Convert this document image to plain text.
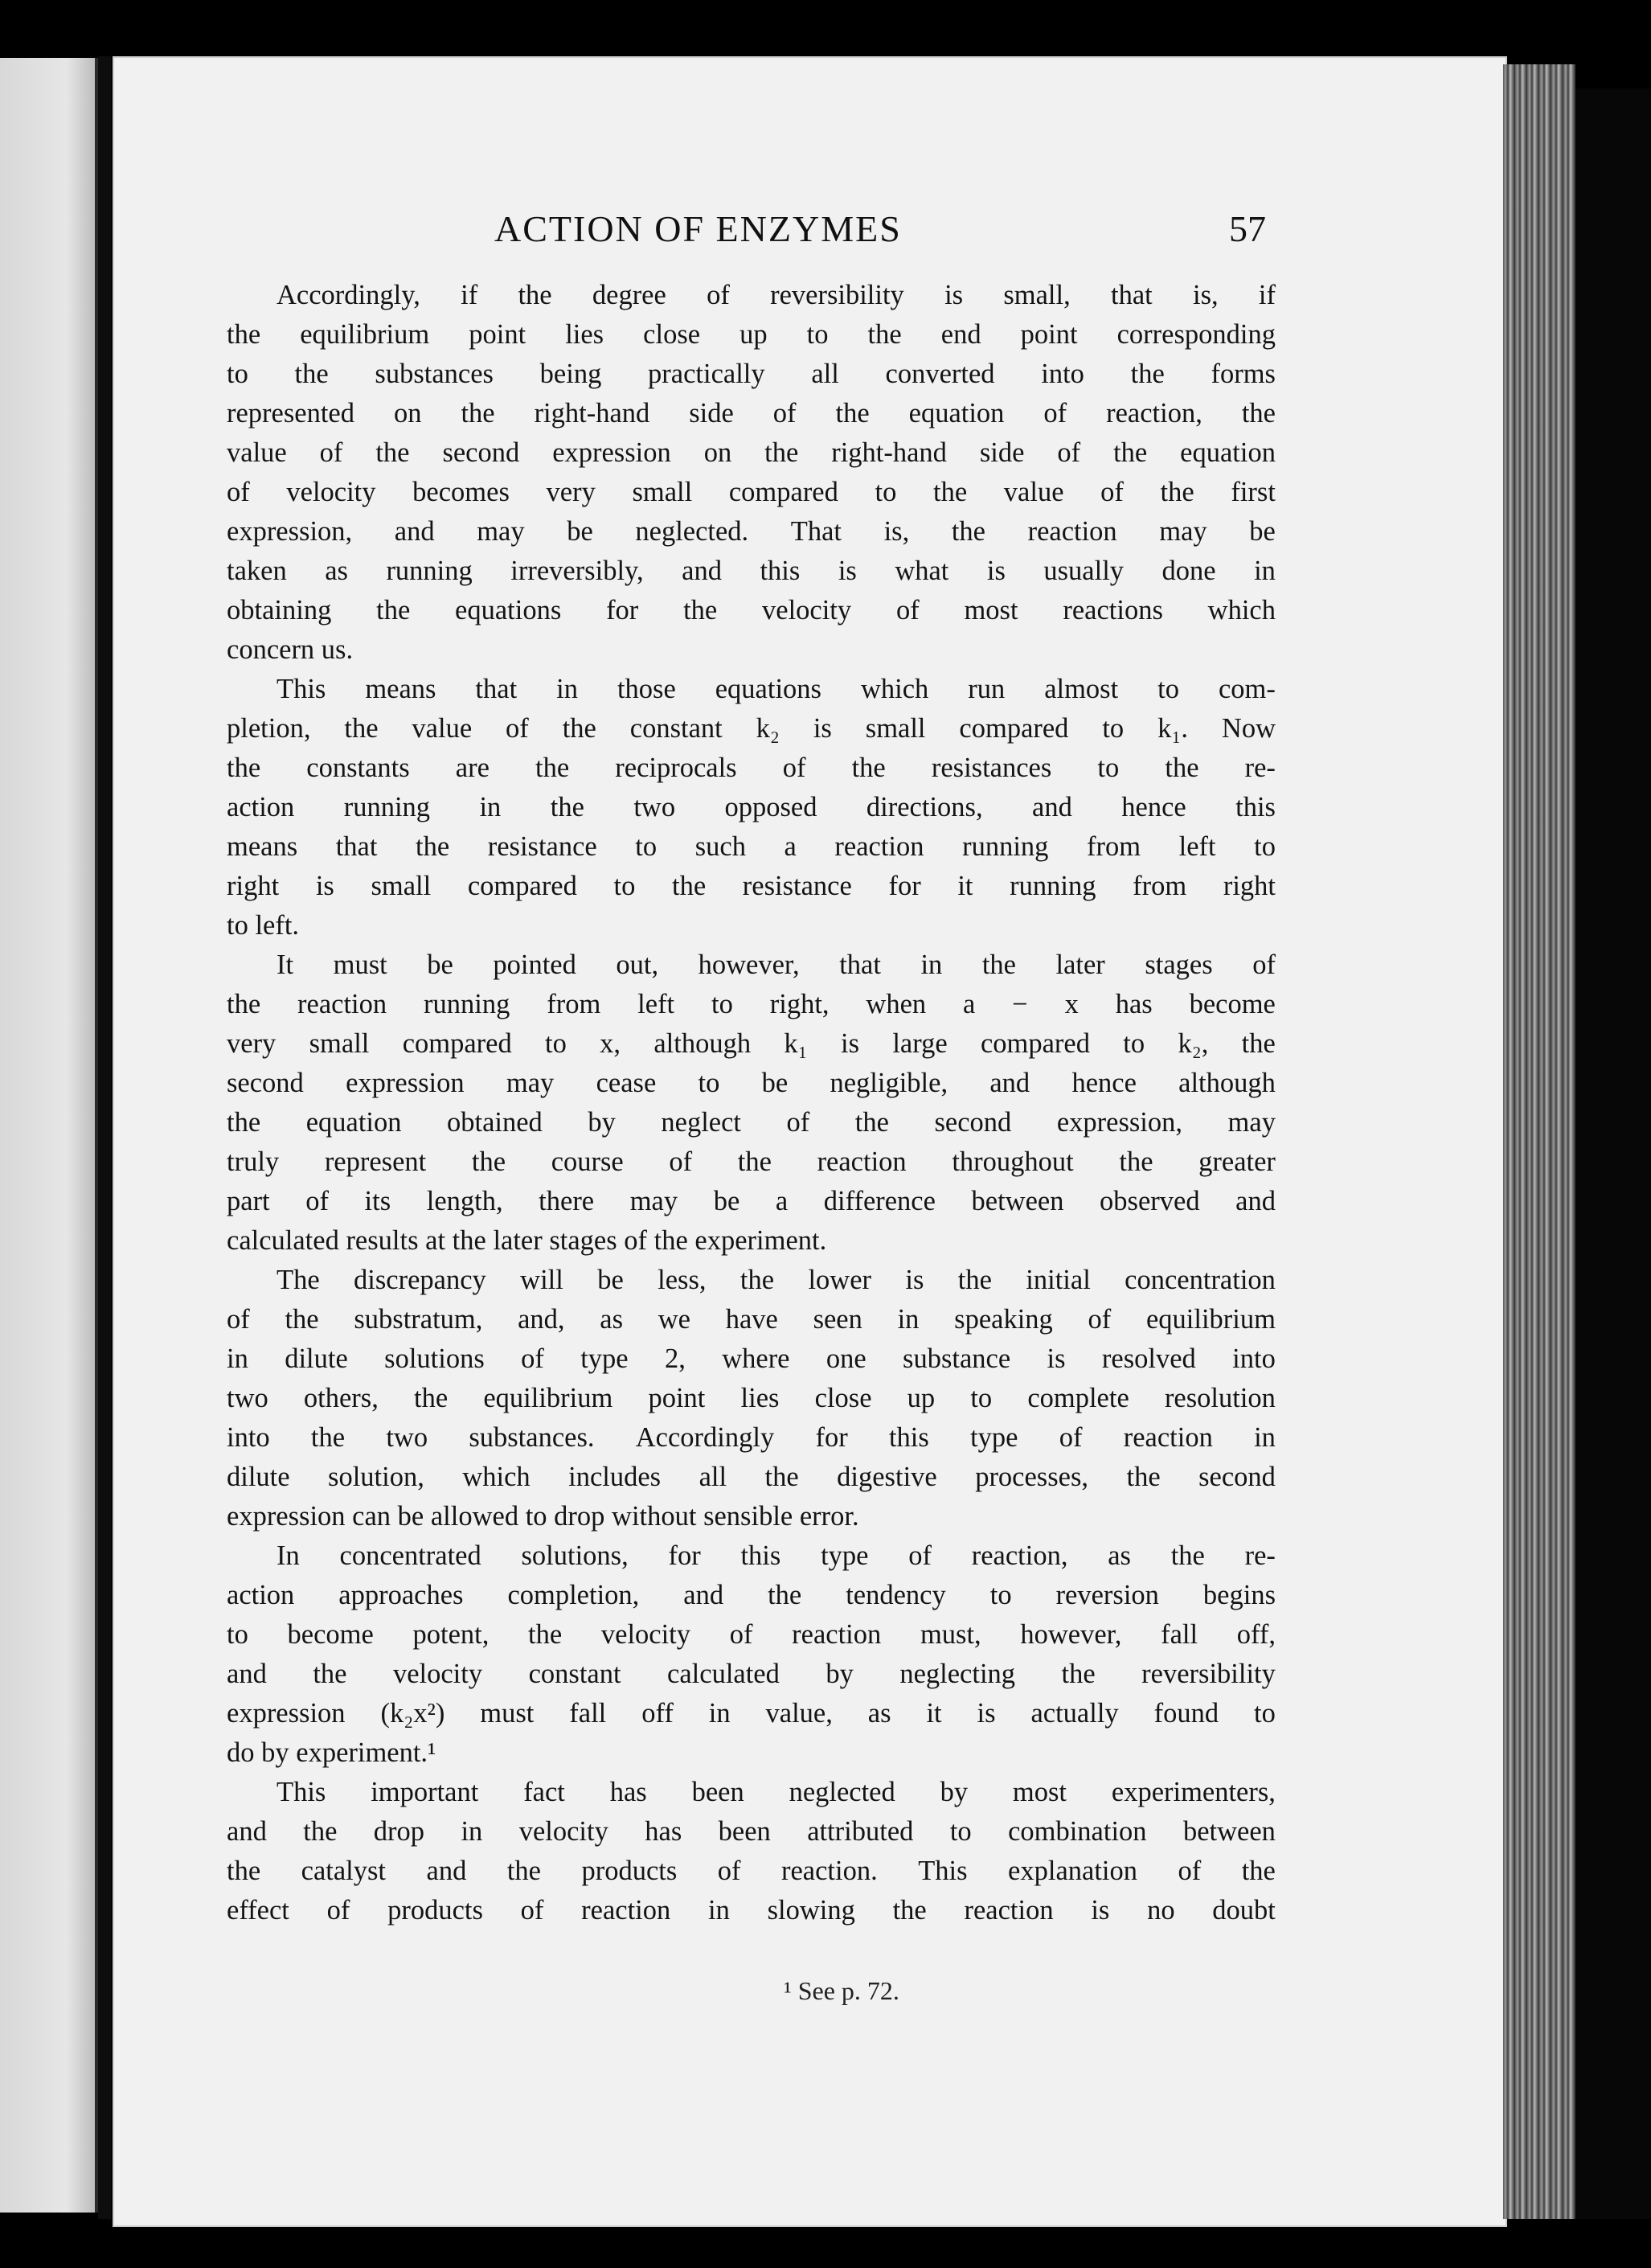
ACTION OF ENZYMES	57
Accordingly, if the degree of reversibility is small, that is, if
the equilibrium point lies close up to the end point corresponding
to the substances being practically all converted into the forms
represented on the right-hand side of the equation of reaction, the
value of the second expression on the right-hand side of the equation
of velocity becomes very small compared to the value of the first
expression, and may be neglected. That is, the reaction may be
taken as running irreversibly, and this is what is usually done in
obtaining the equations for the velocity of most reactions which
concern us.
This means that in those equations which run almost to com-
pletion, the value of the constant k₂ is small compared to k₁. Now
the constants are the reciprocals of the resistances to the re-
action running in the two opposed directions, and hence this
means that the resistance to such a reaction running from left to
right is small compared to the resistance for it running from right
to left.
It must be pointed out, however, that in the later stages of
the reaction running from left to right, when a − x has become
very small compared to x, although k₁ is large compared to k₂, the
second expression may cease to be negligible, and hence although
the equation obtained by neglect of the second expression, may
truly represent the course of the reaction throughout the greater
part of its length, there may be a difference between observed and
calculated results at the later stages of the experiment.
The discrepancy will be less, the lower is the initial concentration
of the substratum, and, as we have seen in speaking of equilibrium
in dilute solutions of type 2, where one substance is resolved into
two others, the equilibrium point lies close up to complete resolution
into the two substances. Accordingly for this type of reaction in
dilute solution, which includes all the digestive processes, the second
expression can be allowed to drop without sensible error.
In concentrated solutions, for this type of reaction, as the re-
action approaches completion, and the tendency to reversion begins
to become potent, the velocity of reaction must, however, fall off,
and the velocity constant calculated by neglecting the reversibility
expression (k₂x²) must fall off in value, as it is actually found to
do by experiment.¹
This important fact has been neglected by most experimenters,
and the drop in velocity has been attributed to combination between
the catalyst and the products of reaction. This explanation of the
effect of products of reaction in slowing the reaction is no doubt
¹ See p. 72.
